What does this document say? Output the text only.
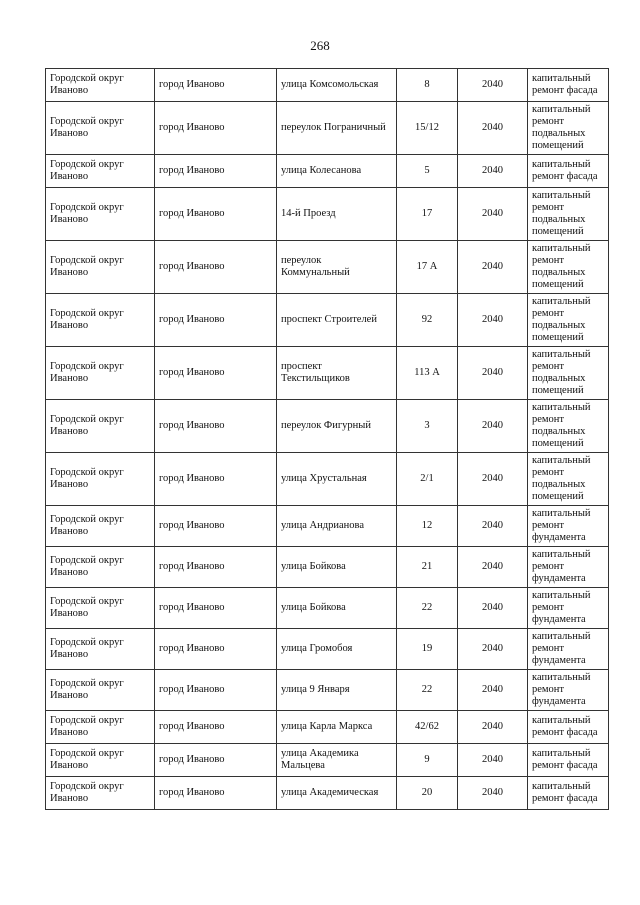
268
Городской округ Иваново	город Иваново	улица Комсомольская	8	2040	капитальный ремонт фасада
Городской округ Иваново	город Иваново	переулок Пограничный	15/12	2040	капитальный ремонт подвальных помещений
Городской округ Иваново	город Иваново	улица Колесанова	5	2040	капитальный ремонт фасада
Городской округ Иваново	город Иваново	14-й Проезд	17	2040	капитальный ремонт подвальных помещений
Городской округ Иваново	город Иваново	переулок Коммунальный	17 А	2040	капитальный ремонт подвальных помещений
Городской округ Иваново	город Иваново	проспект Строителей	92	2040	капитальный ремонт подвальных помещений
Городской округ Иваново	город Иваново	проспект Текстильщиков	113 А	2040	капитальный ремонт подвальных помещений
Городской округ Иваново	город Иваново	переулок Фигурный	3	2040	капитальный ремонт подвальных помещений
Городской округ Иваново	город Иваново	улица Хрустальная	2/1	2040	капитальный ремонт подвальных помещений
Городской округ Иваново	город Иваново	улица Андрианова	12	2040	капитальный ремонт фундамента
Городской округ Иваново	город Иваново	улица Бойкова	21	2040	капитальный ремонт фундамента
Городской округ Иваново	город Иваново	улица Бойкова	22	2040	капитальный ремонт фундамента
Городской округ Иваново	город Иваново	улица Громобоя	19	2040	капитальный ремонт фундамента
Городской округ Иваново	город Иваново	улица 9 Января	22	2040	капитальный ремонт фундамента
Городской округ Иваново	город Иваново	улица Карла Маркса	42/62	2040	капитальный ремонт фасада
Городской округ Иваново	город Иваново	улица Академика Мальцева	9	2040	капитальный ремонт фасада
Городской округ Иваново	город Иваново	улица Академическая	20	2040	капитальный ремонт фасада
